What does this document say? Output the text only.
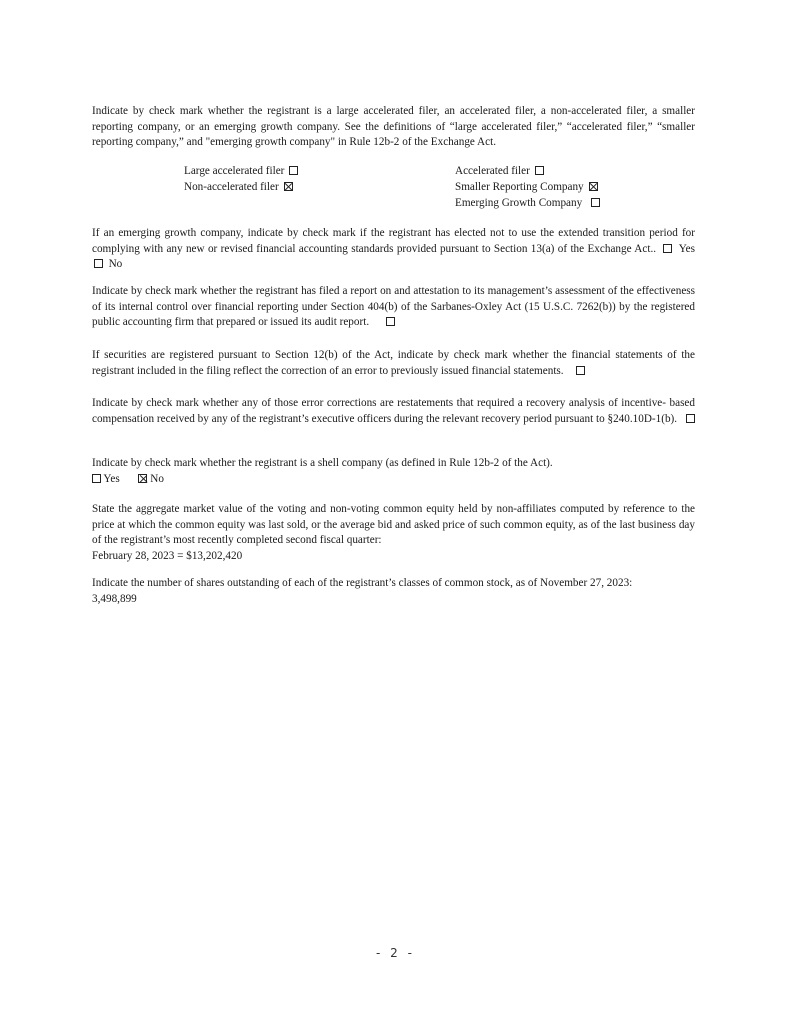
Indicate by check mark whether the registrant is a large accelerated filer, an accelerated filer, a non-accelerated filer, a smaller reporting company, or an emerging growth company. See the definitions of “large accelerated filer,” “accelerated filer,” “smaller reporting company,” and "emerging growth company" in Rule 12b-2 of the Exchange Act.

Large accelerated filer
Non-accelerated filer
Accelerated filer
Smaller Reporting Company
Emerging Growth Company

If an emerging growth company, indicate by check mark if the registrant has elected not to use the extended transition period for complying with any new or revised financial accounting standards provided pursuant to Section 13(a) of the Exchange Act.. Yes   No

Indicate by check mark whether the registrant has filed a report on and attestation to its management’s assessment of the effectiveness of its internal control over financial reporting under Section 404(b) of the Sarbanes-Oxley Act (15 U.S.C. 7262(b)) by the registered public accounting firm that prepared or issued its audit report.

If securities are registered pursuant to Section 12(b) of the Act, indicate by check mark whether the financial statements of the registrant included in the filing reflect the correction of an error to previously issued financial statements.

Indicate by check mark whether any of those error corrections are restatements that required a recovery analysis of incentive- based compensation received by any of the registrant’s executive officers during the relevant recovery period pursuant to §240.10D-1(b).

Indicate by check mark whether the registrant is a shell company (as defined in Rule 12b-2 of the Act).
Yes	No

State the aggregate market value of the voting and non-voting common equity held by non-affiliates computed by reference to the price at which the common equity was last sold, or the average bid and asked price of such common equity, as of the last business day of the registrant’s most recently completed second fiscal quarter:
February 28, 2023 = $13,202,420

Indicate the number of shares outstanding of each of the registrant’s classes of common stock, as of November 27, 2023:
3,498,899

- 2 -
